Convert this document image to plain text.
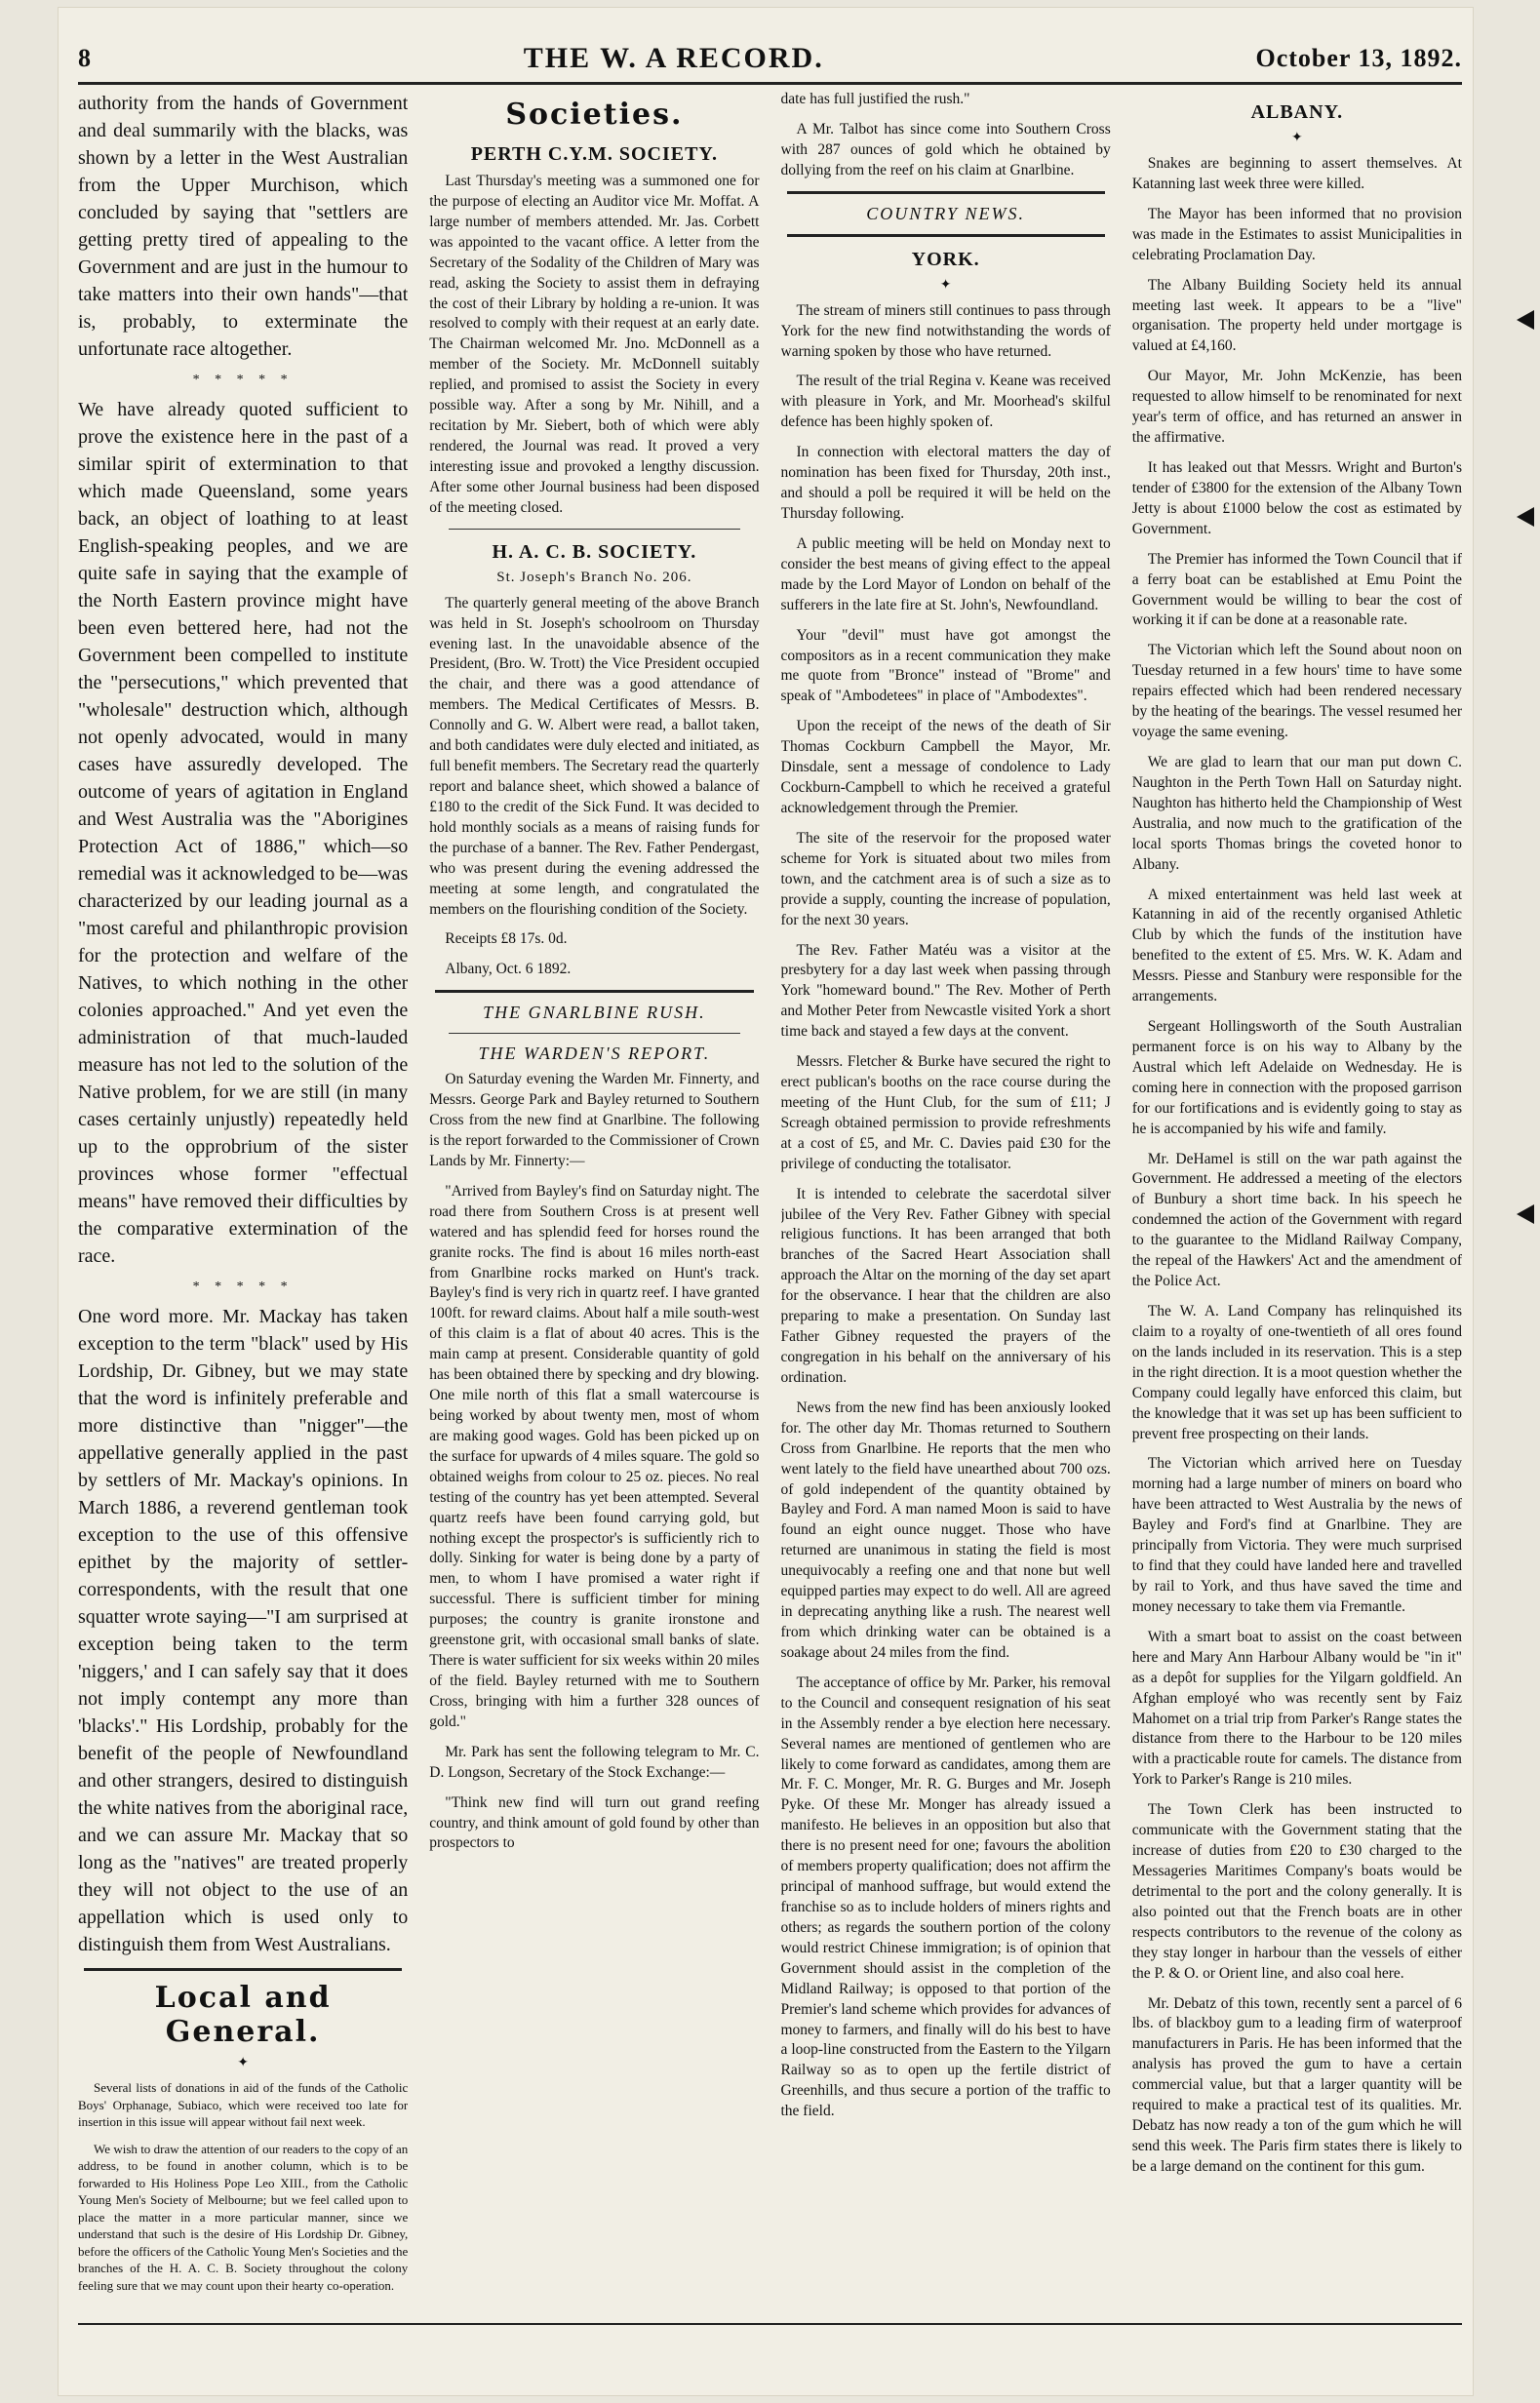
8	THE W. A RECORD.	October 13, 1892.

authority from the hands of Government and deal summarily with the blacks, was shown by a letter in the West Australian from the Upper Murchison, which concluded by saying that "settlers are getting pretty tired of appealing to the Government and are just in the humour to take matters into their own hands"—that is, probably, to exterminate the unfortunate race altogether.

* * * * *

We have already quoted sufficient to prove the existence here in the past of a similar spirit of extermination to that which made Queensland, some years back, an object of loathing to at least English-speaking peoples, and we are quite safe in saying that the example of the North Eastern province might have been even bettered here, had not the Government been compelled to institute the "persecutions," which prevented that "wholesale" destruction which, although not openly advocated, would in many cases have assuredly developed. The outcome of years of agitation in England and West Australia was the "Aborigines Protection Act of 1886," which—so remedial was it acknowledged to be—was characterized by our leading journal as a "most careful and philanthropic provision for the protection and welfare of the Natives, to which nothing in the other colonies approached." And yet even the administration of that much-lauded measure has not led to the solution of the Native problem, for we are still (in many cases certainly unjustly) repeatedly held up to the opprobrium of the sister provinces whose former "effectual means" have removed their difficulties by the comparative extermination of the race.

* * * * *

One word more. Mr. Mackay has taken exception to the term "black" used by His Lordship, Dr. Gibney, but we may state that the word is infinitely preferable and more distinctive than "nigger"—the appellative generally applied in the past by settlers of Mr. Mackay's opinions. In March 1886, a reverend gentleman took exception to the use of this offensive epithet by the majority of settler-correspondents, with the result that one squatter wrote saying—"I am surprised at exception being taken to the term 'niggers,' and I can safely say that it does not imply contempt any more than 'blacks'." His Lordship, probably for the benefit of the people of Newfoundland and other strangers, desired to distinguish the white natives from the aboriginal race, and we can assure Mr. Mackay that so long as the "natives" are treated properly they will not object to the use of an appellation which is used only to distinguish them from West Australians.

Local and General.
✦

Several lists of donations in aid of the funds of the Catholic Boys' Orphanage, Subiaco, which were received too late for insertion in this issue will appear without fail next week.

We wish to draw the attention of our readers to the copy of an address, to be found in another column, which is to be forwarded to His Holiness Pope Leo XIII., from the Catholic Young Men's Society of Melbourne; but we feel called upon to place the matter in a more particular manner, since we understand that such is the desire of His Lordship Dr. Gibney, before the officers of the Catholic Young Men's Societies and the branches of the H. A. C. B. Society throughout the colony feeling sure that we may count upon their hearty co-operation.

Societies.
PERTH C.Y.M. SOCIETY.

Last Thursday's meeting was a summoned one for the purpose of electing an Auditor vice Mr. Moffat. A large number of members attended. Mr. Jas. Corbett was appointed to the vacant office. A letter from the Secretary of the Sodality of the Children of Mary was read, asking the Society to assist them in defraying the cost of their Library by holding a re-union. It was resolved to comply with their request at an early date. The Chairman welcomed Mr. Jno. McDonnell as a member of the Society. Mr. McDonnell suitably replied, and promised to assist the Society in every possible way. After a song by Mr. Nihill, and a recitation by Mr. Siebert, both of which were ably rendered, the Journal was read. It proved a very interesting issue and provoked a lengthy discussion. After some other Journal business had been disposed of the meeting closed.

H. A. C. B. SOCIETY.
St. Joseph's Branch No. 206.

The quarterly general meeting of the above Branch was held in St. Joseph's schoolroom on Thursday evening last. In the unavoidable absence of the President, (Bro. W. Trott) the Vice President occupied the chair, and there was a good attendance of members. The Medical Certificates of Messrs. B. Connolly and G. W. Albert were read, a ballot taken, and both candidates were duly elected and initiated, as full benefit members. The Secretary read the quarterly report and balance sheet, which showed a balance of £180 to the credit of the Sick Fund. It was decided to hold monthly socials as a means of raising funds for the purchase of a banner. The Rev. Father Pendergast, who was present during the evening addressed the meeting at some length, and congratulated the members on the flourishing condition of the Society.

Receipts £8 17s. 0d.

Albany, Oct. 6 1892.

THE GNARLBINE RUSH.
THE WARDEN'S REPORT.

On Saturday evening the Warden Mr. Finnerty, and Messrs. George Park and Bayley returned to Southern Cross from the new find at Gnarlbine. The following is the report forwarded to the Commissioner of Crown Lands by Mr. Finnerty:—

"Arrived from Bayley's find on Saturday night. The road there from Southern Cross is at present well watered and has splendid feed for horses round the granite rocks. The find is about 16 miles north-east from Gnarlbine rocks marked on Hunt's track. Bayley's find is very rich in quartz reef. I have granted 100ft. for reward claims. About half a mile south-west of this claim is a flat of about 40 acres. This is the main camp at present. Considerable quantity of gold has been obtained there by specking and dry blowing. One mile north of this flat a small watercourse is being worked by about twenty men, most of whom are making good wages. Gold has been picked up on the surface for upwards of 4 miles square. The gold so obtained weighs from colour to 25 oz. pieces. No real testing of the country has yet been attempted. Several quartz reefs have been found carrying gold, but nothing except the prospector's is sufficiently rich to dolly. Sinking for water is being done by a party of men, to whom I have promised a water right if successful. There is sufficient timber for mining purposes; the country is granite ironstone and greenstone grit, with occasional small banks of slate. There is water sufficient for six weeks within 20 miles of the field. Bayley returned with me to Southern Cross, bringing with him a further 328 ounces of gold."

Mr. Park has sent the following telegram to Mr. C. D. Longson, Secretary of the Stock Exchange:—

"Think new find will turn out grand reefing country, and think amount of gold found by other than prospectors to

date has full justified the rush."

A Mr. Talbot has since come into Southern Cross with 287 ounces of gold which he obtained by dollying from the reef on his claim at Gnarlbine.

COUNTRY NEWS.
YORK.
✦

The stream of miners still continues to pass through York for the new find notwithstanding the words of warning spoken by those who have returned.

The result of the trial Regina v. Keane was received with pleasure in York, and Mr. Moorhead's skilful defence has been highly spoken of.

In connection with electoral matters the day of nomination has been fixed for Thursday, 20th inst., and should a poll be required it will be held on the Thursday following.

A public meeting will be held on Monday next to consider the best means of giving effect to the appeal made by the Lord Mayor of London on behalf of the sufferers in the late fire at St. John's, Newfoundland.

Your "devil" must have got amongst the compositors as in a recent communication they make me quote from "Bronce" instead of "Brome" and speak of "Ambodetees" in place of "Ambodextes".

Upon the receipt of the news of the death of Sir Thomas Cockburn Campbell the Mayor, Mr. Dinsdale, sent a message of condolence to Lady Cockburn-Campbell to which he received a grateful acknowledgement through the Premier.

The site of the reservoir for the proposed water scheme for York is situated about two miles from town, and the catchment area is of such a size as to provide a supply, counting the increase of population, for the next 30 years.

The Rev. Father Matéu was a visitor at the presbytery for a day last week when passing through York "homeward bound." The Rev. Mother of Perth and Mother Peter from Newcastle visited York a short time back and stayed a few days at the convent.

Messrs. Fletcher & Burke have secured the right to erect publican's booths on the race course during the meeting of the Hunt Club, for the sum of £11; J Screagh obtained permission to provide refreshments at a cost of £5, and Mr. C. Davies paid £30 for the privilege of conducting the totalisator.

It is intended to celebrate the sacerdotal silver jubilee of the Very Rev. Father Gibney with special religious functions. It has been arranged that both branches of the Sacred Heart Association shall approach the Altar on the morning of the day set apart for the observance. I hear that the children are also preparing to make a presentation. On Sunday last Father Gibney requested the prayers of the congregation in his behalf on the anniversary of his ordination.

News from the new find has been anxiously looked for. The other day Mr. Thomas returned to Southern Cross from Gnarlbine. He reports that the men who went lately to the field have unearthed about 700 ozs. of gold independent of the quantity obtained by Bayley and Ford. A man named Moon is said to have found an eight ounce nugget. Those who have returned are unanimous in stating the field is most unequivocably a reefing one and that none but well equipped parties may expect to do well. All are agreed in deprecating anything like a rush. The nearest well from which drinking water can be obtained is a soakage about 24 miles from the find.

The acceptance of office by Mr. Parker, his removal to the Council and consequent resignation of his seat in the Assembly render a bye election here necessary. Several names are mentioned of gentlemen who are likely to come forward as candidates, among them are Mr. F. C. Monger, Mr. R. G. Burges and Mr. Joseph Pyke. Of these Mr. Monger has already issued a manifesto. He believes in an opposition but also that there is no present need for one; favours the abolition of members property qualification; does not affirm the principal of manhood suffrage, but would extend the franchise so as to include holders of miners rights and others; as regards the southern portion of the colony would restrict Chinese immigration; is of opinion that Government should assist in the completion of the Midland Railway; is opposed to that portion of the Premier's land scheme which provides for advances of money to farmers, and finally will do his best to have a loop-line constructed from the Eastern to the Yilgarn Railway so as to open up the fertile district of Greenhills, and thus secure a portion of the traffic to the field.

ALBANY.
✦

Snakes are beginning to assert themselves. At Katanning last week three were killed.

The Mayor has been informed that no provision was made in the Estimates to assist Municipalities in celebrating Proclamation Day.

The Albany Building Society held its annual meeting last week. It appears to be a "live" organisation. The property held under mortgage is valued at £4,160.

Our Mayor, Mr. John McKenzie, has been requested to allow himself to be renominated for next year's term of office, and has returned an answer in the affirmative.

It has leaked out that Messrs. Wright and Burton's tender of £3800 for the extension of the Albany Town Jetty is about £1000 below the cost as estimated by Government.

The Premier has informed the Town Council that if a ferry boat can be established at Emu Point the Government would be willing to bear the cost of working it if can be done at a reasonable rate.

The Victorian which left the Sound about noon on Tuesday returned in a few hours' time to have some repairs effected which had been rendered necessary by the heating of the bearings. The vessel resumed her voyage the same evening.

We are glad to learn that our man put down C. Naughton in the Perth Town Hall on Saturday night. Naughton has hitherto held the Championship of West Australia, and now much to the gratification of the local sports Thomas brings the coveted honor to Albany.

A mixed entertainment was held last week at Katanning in aid of the recently organised Athletic Club by which the funds of the institution have benefited to the extent of £5. Mrs. W. K. Adam and Messrs. Piesse and Stanbury were responsible for the arrangements.

Sergeant Hollingsworth of the South Australian permanent force is on his way to Albany by the Austral which left Adelaide on Wednesday. He is coming here in connection with the proposed garrison for our fortifications and is evidently going to stay as he is accompanied by his wife and family.

Mr. DeHamel is still on the war path against the Government. He addressed a meeting of the electors of Bunbury a short time back. In his speech he condemned the action of the Government with regard to the guarantee to the Midland Railway Company, the repeal of the Hawkers' Act and the amendment of the Police Act.

The W. A. Land Company has relinquished its claim to a royalty of one-twentieth of all ores found on the lands included in its reservation. This is a step in the right direction. It is a moot question whether the Company could legally have enforced this claim, but the knowledge that it was set up has been sufficient to prevent free prospecting on their lands.

The Victorian which arrived here on Tuesday morning had a large number of miners on board who have been attracted to West Australia by the news of Bayley and Ford's find at Gnarlbine. They are principally from Victoria. They were much surprised to find that they could have landed here and travelled by rail to York, and thus have saved the time and money necessary to take them via Fremantle.

With a smart boat to assist on the coast between here and Mary Ann Harbour Albany would be "in it" as a depôt for supplies for the Yilgarn goldfield. An Afghan employé who was recently sent by Faiz Mahomet on a trial trip from Parker's Range states the distance from there to the Harbour to be 120 miles with a practicable route for camels. The distance from York to Parker's Range is 210 miles.

The Town Clerk has been instructed to communicate with the Government stating that the increase of duties from £20 to £30 charged to the Messageries Maritimes Company's boats would be detrimental to the port and the colony generally. It is also pointed out that the French boats are in other respects contributors to the revenue of the colony as they stay longer in harbour than the vessels of either the P. & O. or Orient line, and also coal here.

Mr. Debatz of this town, recently sent a parcel of 6 lbs. of blackboy gum to a leading firm of waterproof manufacturers in Paris. He has been informed that the analysis has proved the gum to have a certain commercial value, but that a larger quantity will be required to make a practical test of its qualities. Mr. Debatz has now ready a ton of the gum which he will send this week. The Paris firm states there is likely to be a large demand on the continent for this gum.
